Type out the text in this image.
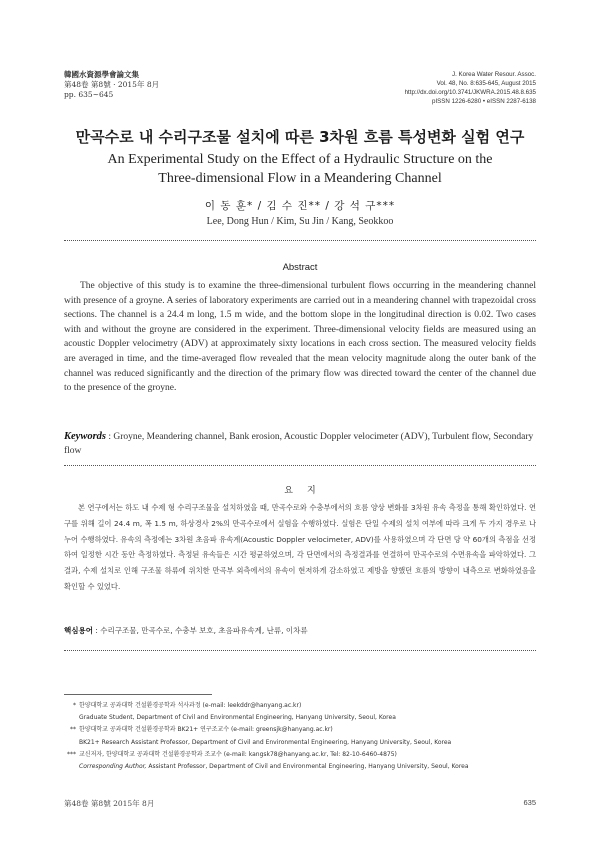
韓國水資源學會論文集
第48卷 第8號 · 2015年 8月
pp. 635~645
J. Korea Water Resour. Assoc.
Vol. 48, No. 8:635-645, August 2015
http://dx.doi.org/10.3741/JKWRA.2015.48.8.635
pISSN 1226-6280 • eISSN 2287-6138
만곡수로 내 수리구조물 설치에 따른 3차원 흐름 특성변화 실험 연구
An Experimental Study on the Effect of a Hydraulic Structure on the
Three-dimensional Flow in a Meandering Channel
이 동 훈* / 김 수 진** / 강 석 구***
Lee, Dong Hun / Kim, Su Jin / Kang, Seokkoo
Abstract
The objective of this study is to examine the three-dimensional turbulent flows occurring in the meandering channel with presence of a groyne. A series of laboratory experiments are carried out in a meandering channel with trapezoidal cross sections. The channel is a 24.4 m long, 1.5 m wide, and the bottom slope in the longitudinal direction is 0.02. Two cases with and without the groyne are considered in the experiment. Three-dimensional velocity fields are measured using an acoustic Doppler velocimetry (ADV) at approximately sixty locations in each cross section. The measured velocity fields are averaged in time, and the time-averaged flow revealed that the mean velocity magnitude along the outer bank of the channel was reduced significantly and the direction of the primary flow was directed toward the center of the channel due to the presence of the groyne.
Keywords : Groyne, Meandering channel, Bank erosion, Acoustic Doppler velocimeter (ADV), Turbulent flow, Secondary flow
요지
본 연구에서는 하도 내 수제 형 수리구조물을 설치하였을 때, 만곡수로와 수충부에서의 흐름 양상 변화를 3차원 유속 측정을 통해 확인하였다. 연구를 위해 길이 24.4 m, 폭 1.5 m, 하상경사 2%의 만곡수로에서 실험을 수행하였다. 실험은 단일 수제의 설치 여부에 따라 크게 두 가지 경우로 나누어 수행하였다. 유속의 측정에는 3차원 초음파 유속계(Acoustic Doppler velocimeter, ADV)를 사용하였으며 각 단면 당 약 60개의 측점을 선정하여 일정한 시간 동안 측정하였다. 측정된 유속들은 시간 평균하였으며, 각 단면에서의 측정결과를 연결하여 만곡수로의 수면유속을 파악하였다. 그 결과, 수제 설치로 인해 구조물 하류에 위치한 만곡부 외측에서의 유속이 현저하게 감소하였고 제방을 향했던 흐름의 방향이 내측으로 변화하였음을 확인할 수 있었다.
핵심용어 : 수리구조물, 만곡수로, 수충부 보호, 초음파유속계, 난류, 이차류
* 한양대학교 공과대학 건설환경공학과 석사과정 (e-mail: leekddr@hanyang.ac.kr)
Graduate Student, Department of Civil and Environmental Engineering, Hanyang University, Seoul, Korea
** 한양대학교 공과대학 건설환경공학과 BK21+ 연구조교수 (e-mail: greensjk@hanyang.ac.kr)
BK21+ Research Assistant Professor, Department of Civil and Environmental Engineering, Hanyang University, Seoul, Korea
*** 교신저자, 한양대학교 공과대학 건설환경공학과 조교수 (e-mail: kangsk78@hanyang.ac.kr, Tel: 82-10-6460-4875)
Corresponding Author, Assistant Professor, Department of Civil and Environmental Engineering, Hanyang University, Seoul, Korea
第48卷 第8號 2015年 8月	635
